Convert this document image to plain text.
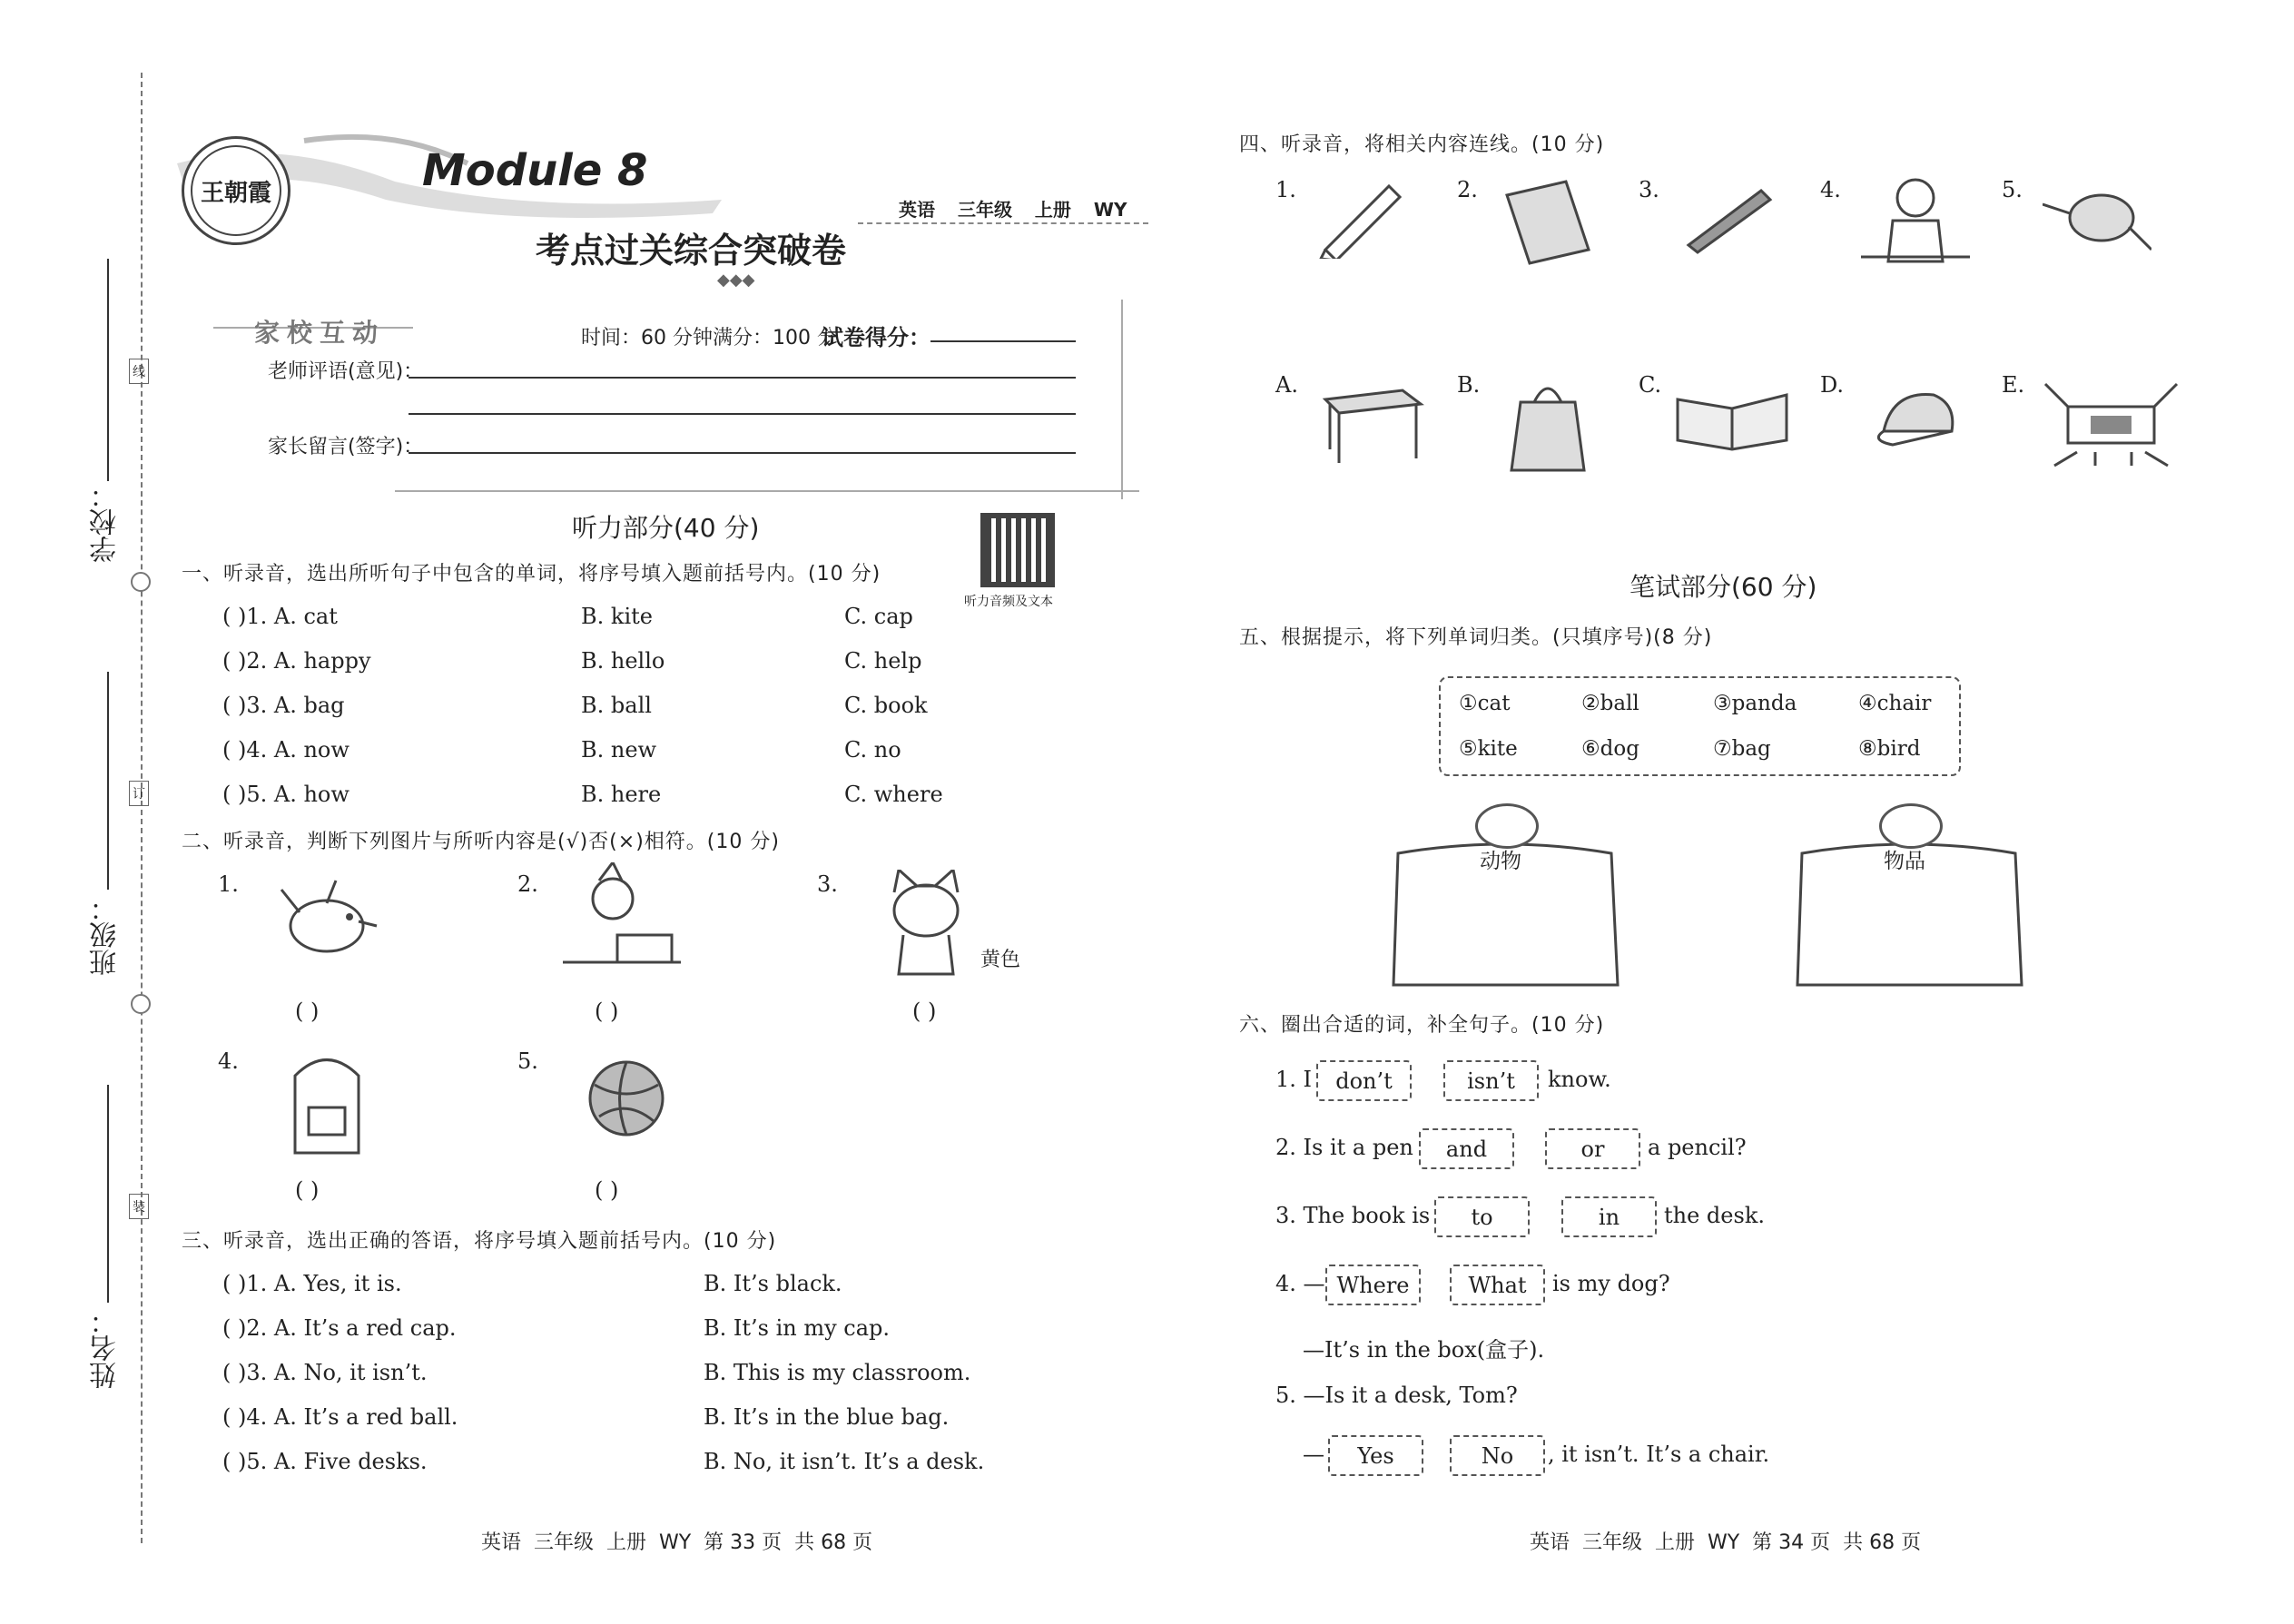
线
订
装
学校：
班级：
姓名：
王朝霞	Module 8
考点过关综合突破卷
英语 三年级 上册 WY
◆◆◆
家校互动	时间：60 分钟 满分：100 分
试卷得分：
老师评语(意见)：
家长留言(签字)：
听力部分(40 分)
听力音频及文本
一、听录音，选出所听句子中包含的单词，将序号填入题前括号内。(10 分)
( )1. A. cat	B. kite	C. cap
( )2. A. happy	B. hello	C. help
( )3. A. bag	B. ball	C. book
( )4. A. now	B. new	C. no
( )5. A. how	B. here	C. where
二、听录音，判断下列图片与所听内容是(√)否(×)相符。(10 分)
1.	2.	3.
黄色
( )	( )	( )
4.	5.
( )	( )
三、听录音，选出正确的答语，将序号填入题前括号内。(10 分)
( )1. A. Yes, it is.	B. It’s black.
( )2. A. It’s a red cap.	B. It’s in my cap.
( )3. A. No, it isn’t.	B. This is my classroom.
( )4. A. It’s a red ball.	B. It’s in the blue bag.
( )5. A. Five desks.	B. No, it isn’t. It’s a desk.
英语  三年级  上册  WY  第 33 页  共 68 页
四、听录音，将相关内容连线。(10 分)
1.	2.	3.	4.	5.
A.	B.	C.	D.	E.
笔试部分(60 分)
五、根据提示，将下列单词归类。(只填序号)(8 分)
①cat	②ball	③panda	④chair
⑤kite	⑥dog	⑦bag	⑧bird
动物	物品
六、圈出合适的词，补全句子。(10 分)
1. I	don’t	isn’t	know.
2. Is it a pen	and	or	a pencil?
3. The book is	to	in	the desk.
4. — Where	What	is my dog?
—It’s in the box(盒子).
5. —Is it a desk, Tom?
—	Yes	No	, it isn’t. It’s a chair.
英语  三年级  上册  WY  第 34 页  共 68 页
